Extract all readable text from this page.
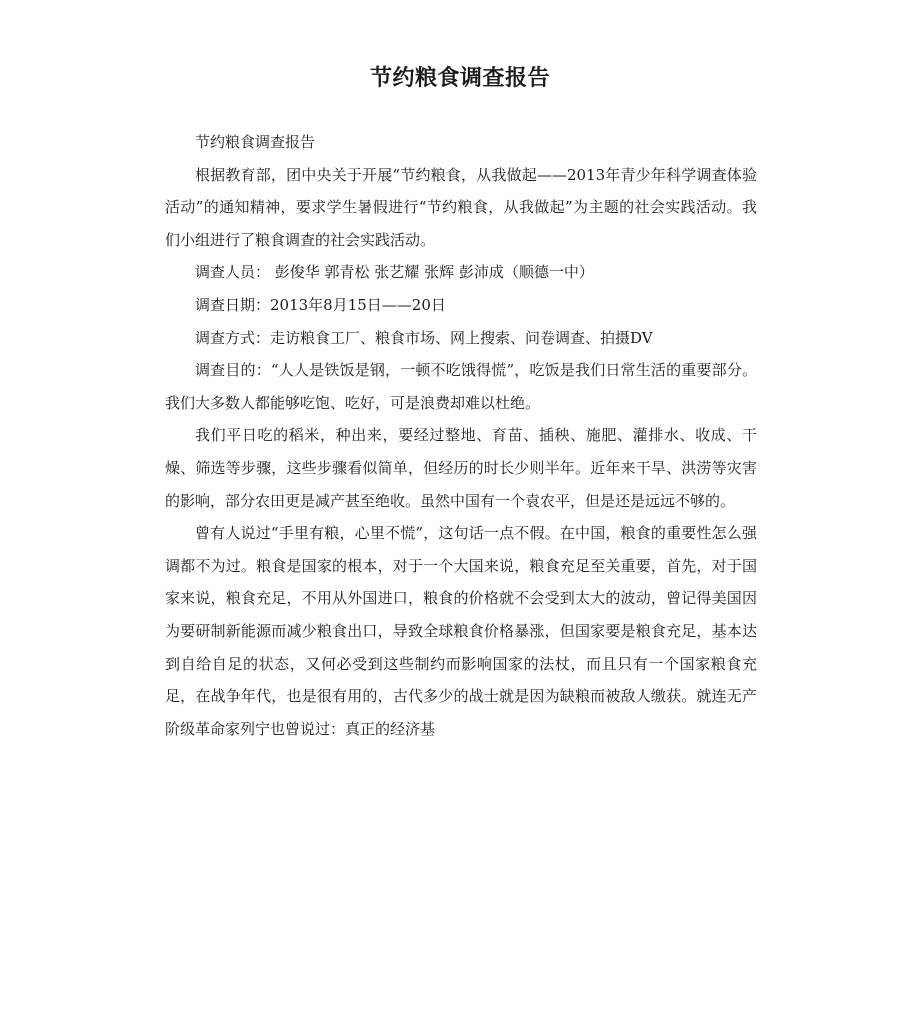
节约粮食调查报告

节约粮食调查报告

根据教育部，团中央关于开展“节约粮食，从我做起——2013年青少年科学调查体验活动”的通知精神，要求学生暑假进行“节约粮食，从我做起”为主题的社会实践活动。我们小组进行了粮食调查的社会实践活动。

调查人员： 彭俊华 郭青松 张艺耀 张辉 彭沛成（顺德一中）

调查日期：2013年8月15日——20日

调查方式：走访粮食工厂、粮食市场、网上搜索、问卷调查、拍摄DV

调查目的：“人人是铁饭是钢，一顿不吃饿得慌”，吃饭是我们日常生活的重要部分。我们大多数人都能够吃饱、吃好，可是浪费却难以杜绝。

我们平日吃的稻米，种出来，要经过整地、育苗、插秧、施肥、灌排水、收成、干燥、筛选等步骤，这些步骤看似简单，但经历的时长少则半年。近年来干旱、洪涝等灾害的影响，部分农田更是减产甚至绝收。虽然中国有一个袁农平，但是还是远远不够的。

曾有人说过“手里有粮，心里不慌”，这句话一点不假。在中国，粮食的重要性怎么强调都不为过。粮食是国家的根本，对于一个大国来说，粮食充足至关重要，首先，对于国家来说，粮食充足，不用从外国进口，粮食的价格就不会受到太大的波动，曾记得美国因为要研制新能源而减少粮食出口，导致全球粮食价格暴涨，但国家要是粮食充足，基本达到自给自足的状态，又何必受到这些制约而影响国家的法杖，而且只有一个国家粮食充足，在战争年代，也是很有用的，古代多少的战士就是因为缺粮而被敌人缴获。就连无产阶级革命家列宁也曾说过：真正的经济基
